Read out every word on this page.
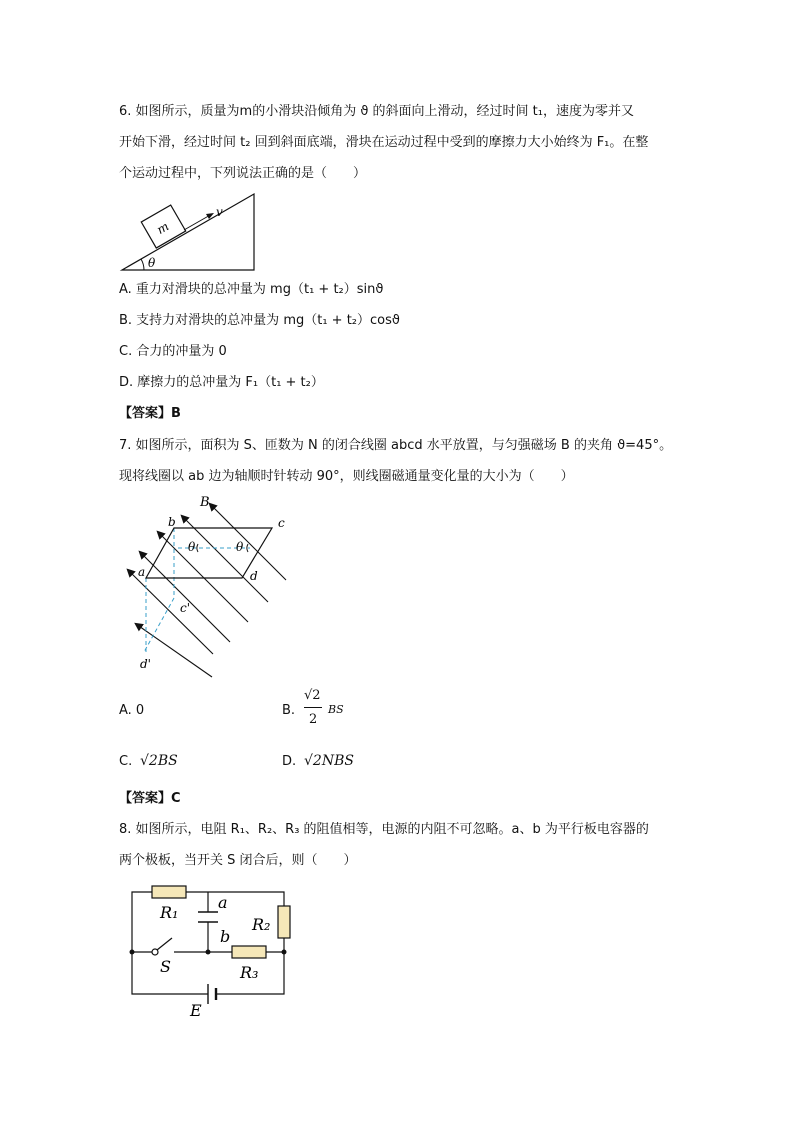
6. 如图所示，质量为m的小滑块沿倾角为 ϑ 的斜面向上滑动，经过时间 t₁，速度为零并又
开始下滑，经过时间 t₂ 回到斜面底端，滑块在运动过程中受到的摩擦力大小始终为 F₁。在整
个运动过程中，下列说法正确的是（　　）
m
v
θ
A. 重力对滑块的总冲量为 mg（t₁ + t₂）sinϑ
B. 支持力对滑块的总冲量为 mg（t₁ + t₂）cosϑ
C. 合力的冲量为 0
D. 摩擦力的总冲量为 F₁（t₁ + t₂）
【答案】B
7. 如图所示，面积为 S、匝数为 N 的闭合线圈 abcd 水平放置，与匀强磁场 B 的夹角 ϑ=45°。
现将线圈以 ab 边为轴顺时针转动 90°，则线圈磁通量变化量的大小为（　　）
B
b	c
a	d
c'
d'
θ	θ
A. 0	B.
√2
2
BS
C. √2BS	D. √2NBS
【答案】C
8. 如图所示，电阻 R₁、R₂、R₃ 的阻值相等，电源的内阻不可忽略。a、b 为平行板电容器的
两个极板，当开关 S 闭合后，则（　　）
R₁
a
R₂
b
S	R₃
E
